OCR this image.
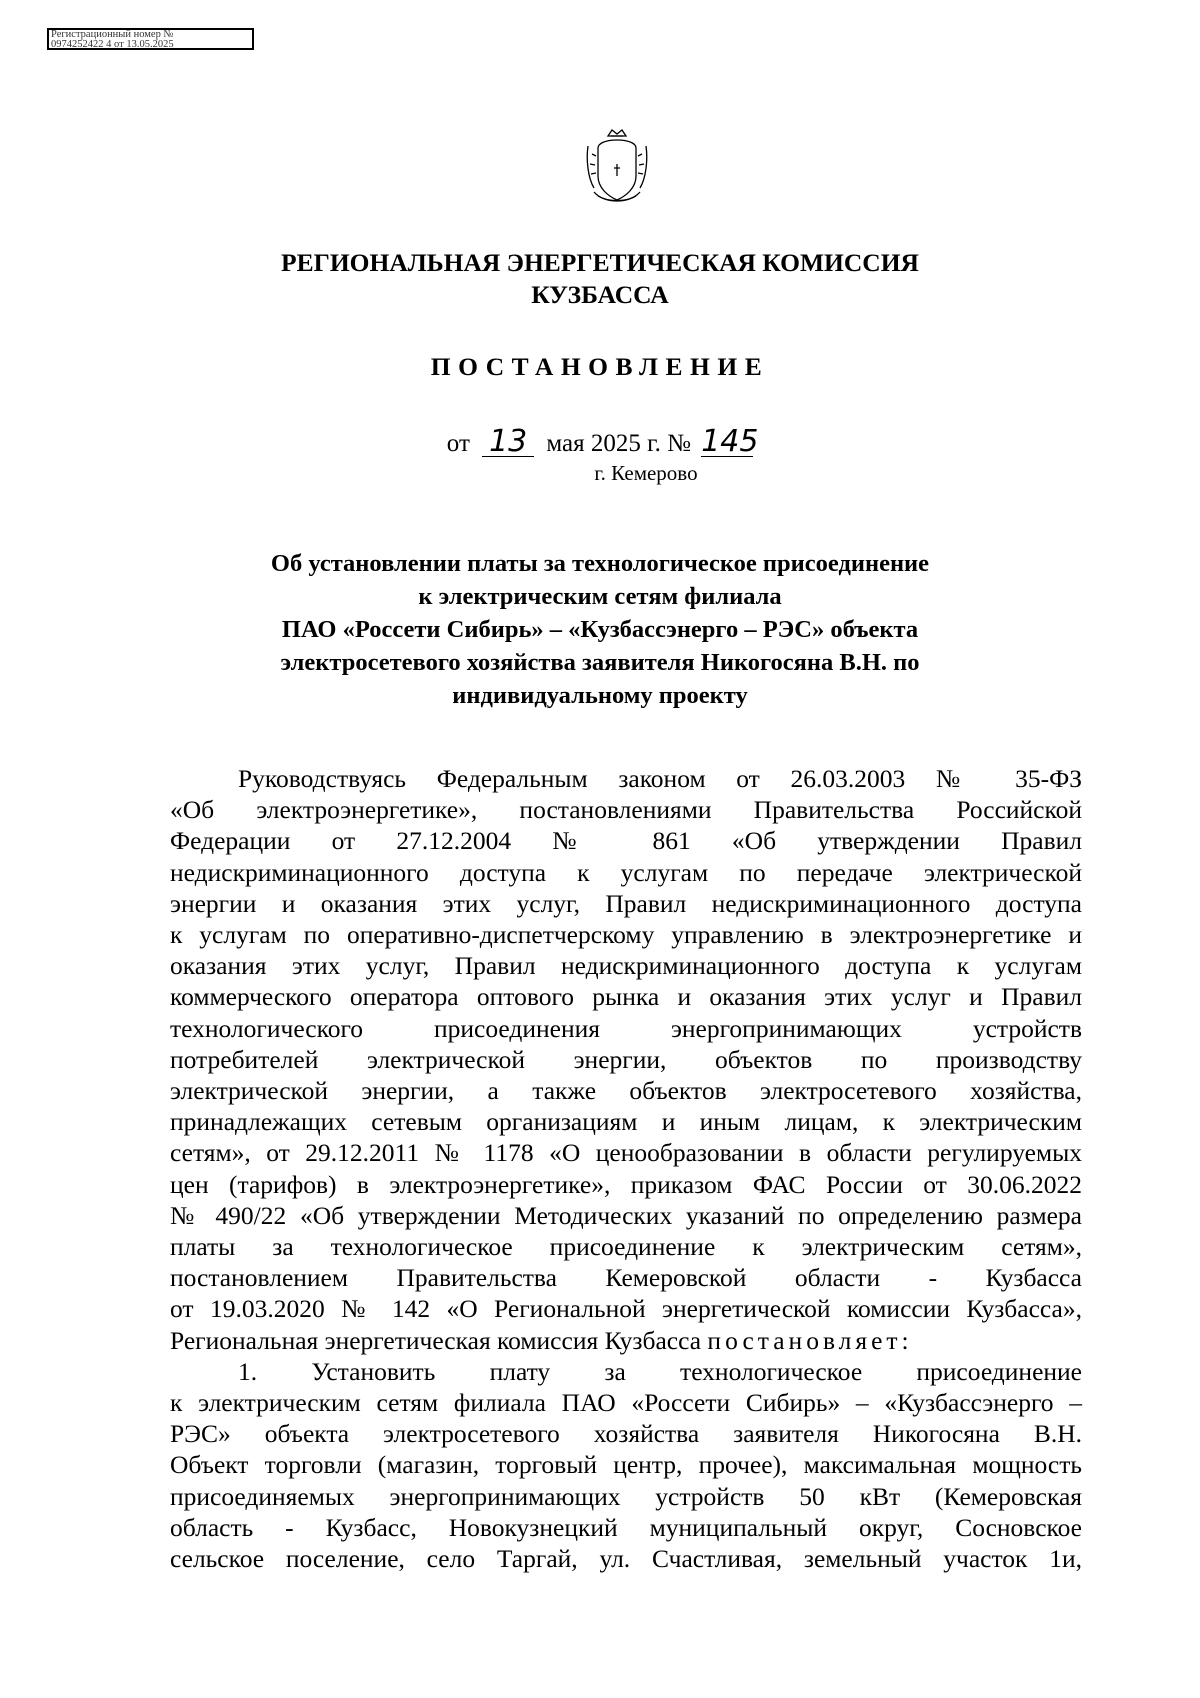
Регистрационный номер №
0974252422 4 от 13.05.2025
РЕГИОНАЛЬНАЯ ЭНЕРГЕТИЧЕСКАЯ КОМИССИЯ
КУЗБАССА
ПОСТАНОВЛЕНИЕ
от 13 мая 2025 г. № 145
г. Кемерово
Об установлении платы за технологическое присоединение
к электрическим сетям филиала
ПАО «Россети Сибирь» – «Кузбассэнерго – РЭС» объекта
электросетевого хозяйства заявителя Никогосяна В.Н. по
индивидуальному проекту
Руководствуясь Федеральным законом от 26.03.2003 № 35-ФЗ
«Об электроэнергетике», постановлениями Правительства Российской
Федерации от 27.12.2004 № 861 «Об утверждении Правил
недискриминационного доступа к услугам по передаче электрической
энергии и оказания этих услуг, Правил недискриминационного доступа
к услугам по оперативно-диспетчерскому управлению в электроэнергетике и
оказания этих услуг, Правил недискриминационного доступа к услугам
коммерческого оператора оптового рынка и оказания этих услуг и Правил
технологического присоединения энергопринимающих устройств
потребителей электрической энергии, объектов по производству
электрической энергии, а также объектов электросетевого хозяйства,
принадлежащих сетевым организациям и иным лицам, к электрическим
сетям», от 29.12.2011 № 1178 «О ценообразовании в области регулируемых
цен (тарифов) в электроэнергетике», приказом ФАС России от 30.06.2022
№ 490/22 «Об утверждении Методических указаний по определению размера
платы за технологическое присоединение к электрическим сетям»,
постановлением Правительства Кемеровской области - Кузбасса
от 19.03.2020 № 142 «О Региональной энергетической комиссии Кузбасса»,
Региональная энергетическая комиссия Кузбасса постановляет:
1. Установить плату за технологическое присоединение
к электрическим сетям филиала ПАО «Россети Сибирь» – «Кузбассэнерго –
РЭС» объекта электросетевого хозяйства заявителя Никогосяна В.Н.
Объект торговли (магазин, торговый центр, прочее), максимальная мощность
присоединяемых энергопринимающих устройств 50 кВт (Кемеровская
область - Кузбасс, Новокузнецкий муниципальный округ, Сосновское
сельское поселение, село Таргай, ул. Счастливая, земельный участок 1и,
